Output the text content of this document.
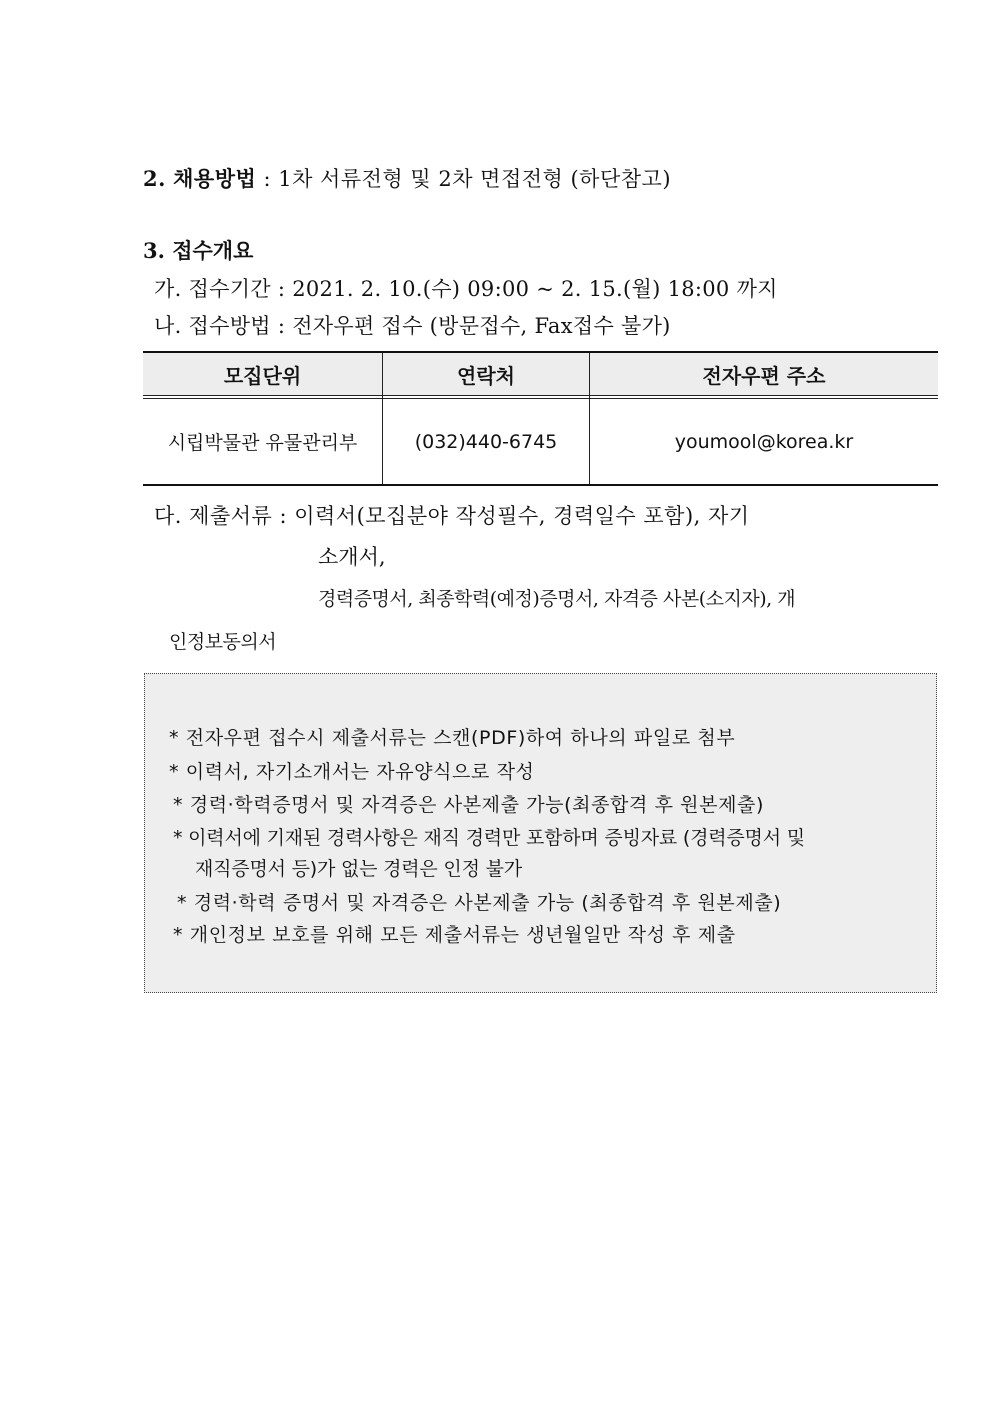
2. 채용방법 : 1차 서류전형 및 2차 면접전형 (하단참고)
3. 접수개요
가. 접수기간 : 2021. 2. 10.(수) 09:00 ~ 2. 15.(월) 18:00 까지
나. 접수방법 : 전자우편 접수 (방문접수, Fax접수 불가)
모집단위	연락처	전자우편 주소
시립박물관 유물관리부	(032)440-6745	youmool@korea.kr
다. 제출서류 : 이력서(모집분야 작성필수, 경력일수 포함), 자기
소개서,
경력증명서, 최종학력(예정)증명서, 자격증 사본(소지자), 개
인정보동의서
* 전자우편 접수시 제출서류는 스캔(PDF)하여 하나의 파일로 첨부
* 이력서, 자기소개서는 자유양식으로 작성
* 경력·학력증명서 및 자격증은 사본제출 가능(최종합격 후 원본제출)
* 이력서에 기재된 경력사항은 재직 경력만 포함하며 증빙자료 (경력증명서 및
재직증명서 등)가 없는 경력은 인정 불가
* 경력·학력 증명서 및 자격증은 사본제출 가능 (최종합격 후 원본제출)
* 개인정보 보호를 위해 모든 제출서류는 생년월일만 작성 후 제출
